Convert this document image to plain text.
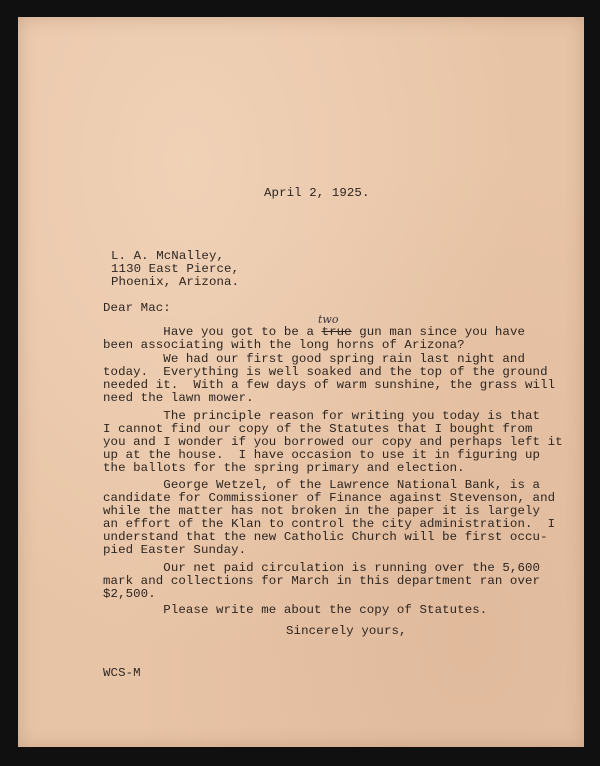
April 2, 1925.

L. A. McNalley,

1130 East Pierce,

Phoenix, Arizona.

Dear Mac:

Have you got to be a true gun man since you have

two

been associating with the long horns of Arizona?

We had our first good spring rain last night and

today.  Everything is well soaked and the top of the ground

needed it.  With a few days of warm sunshine, the grass will

need the lawn mower.

The principle reason for writing you today is that

I cannot find our copy of the Statutes that I bought from

you and I wonder if you borrowed our copy and perhaps left it

up at the house.  I have occasion to use it in figuring up

the ballots for the spring primary and election.

George Wetzel, of the Lawrence National Bank, is a

candidate for Commissioner of Finance against Stevenson, and

while the matter has not broken in the paper it is largely

an effort of the Klan to control the city administration.  I

understand that the new Catholic Church will be first occu-

pied Easter Sunday.

Our net paid circulation is running over the 5,600

mark and collections for March in this department ran over

$2,500.

Please write me about the copy of Statutes.

Sincerely yours,

WCS-M
